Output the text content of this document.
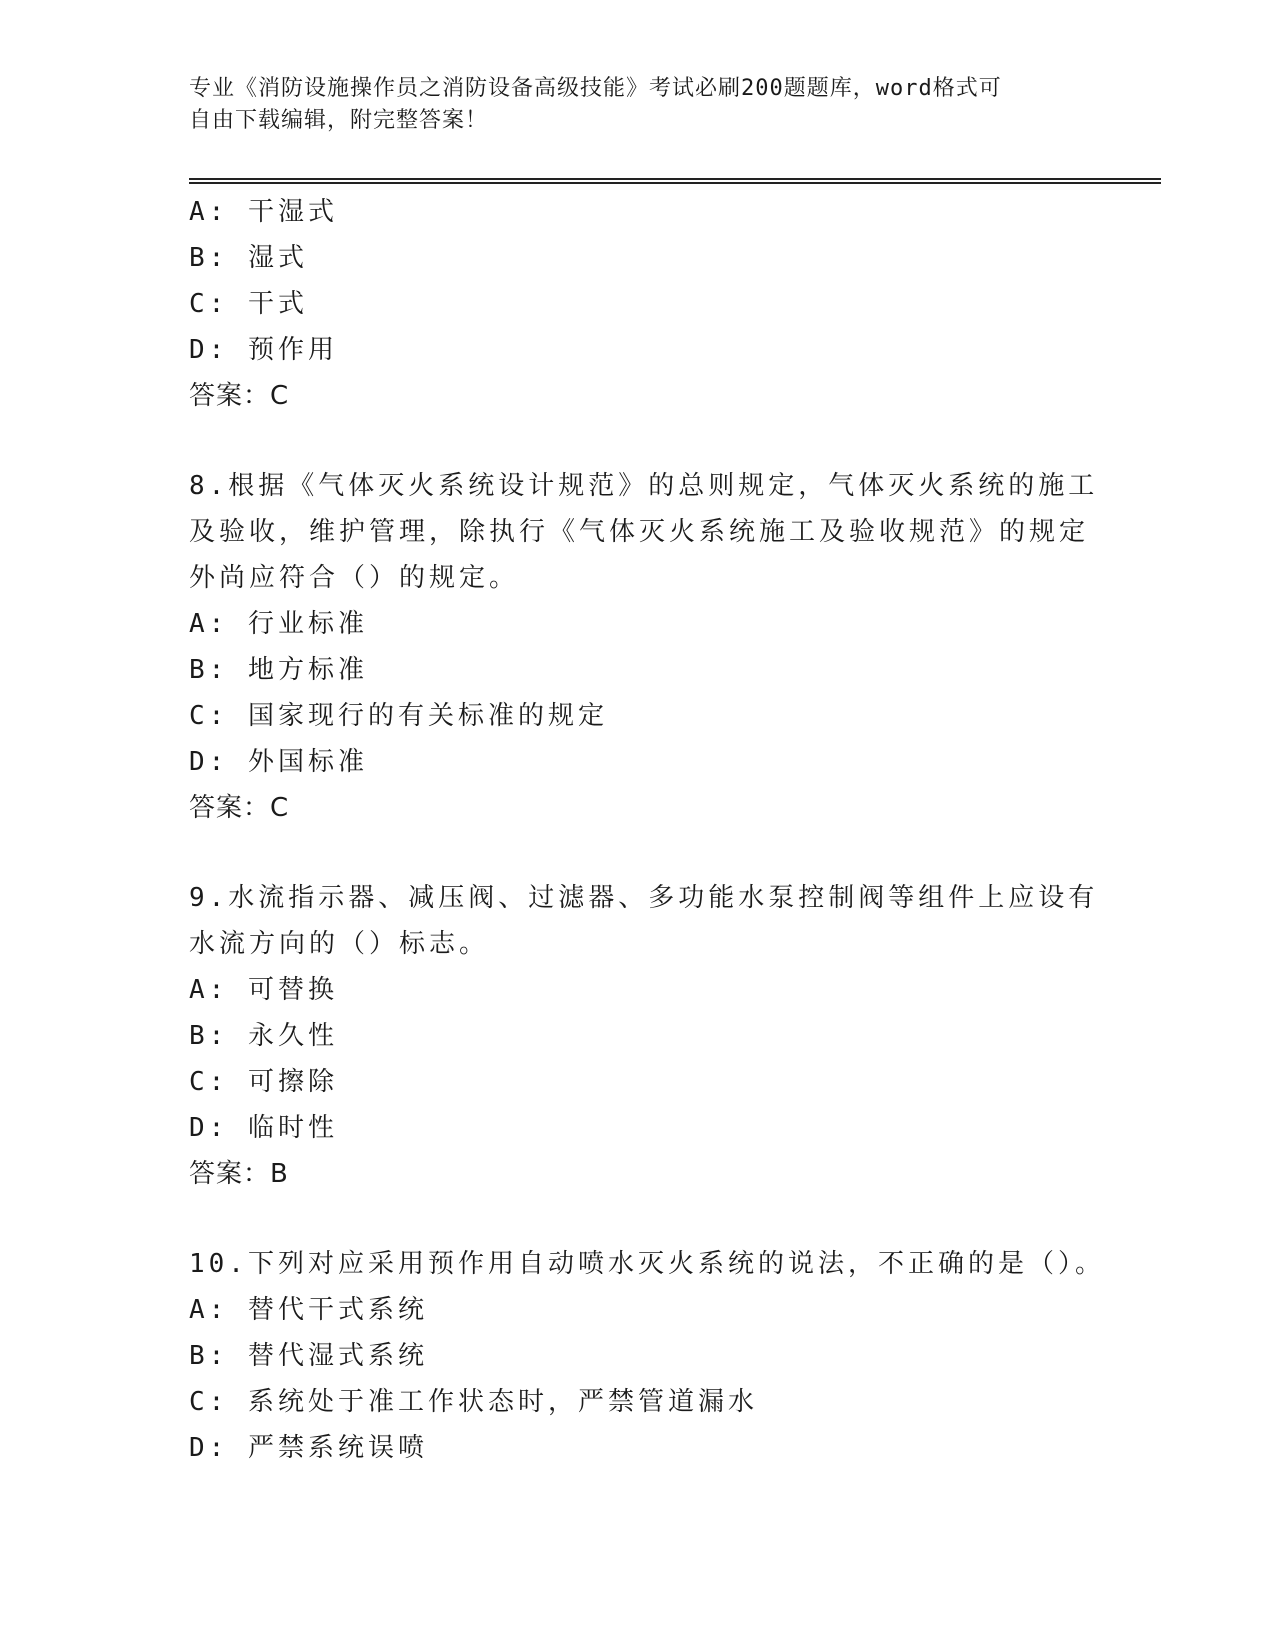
专业《消防设施操作员之消防设备高级技能》考试必刷200题题库，word格式可
自由下载编辑，附完整答案！
A: 干湿式
B: 湿式
C: 干式
D: 预作用
答案：C
8.根据《气体灭火系统设计规范》的总则规定，气体灭火系统的施工
及验收，维护管理，除执行《气体灭火系统施工及验收规范》的规定
外尚应符合（）的规定。
A: 行业标准
B: 地方标准
C: 国家现行的有关标准的规定
D: 外国标准
答案：C
9.水流指示器、减压阀、过滤器、多功能水泵控制阀等组件上应设有
水流方向的（）标志。
A: 可替换
B: 永久性
C: 可擦除
D: 临时性
答案：B
10.下列对应采用预作用自动喷水灭火系统的说法，不正确的是（）。
A: 替代干式系统
B: 替代湿式系统
C: 系统处于准工作状态时，严禁管道漏水
D: 严禁系统误喷
